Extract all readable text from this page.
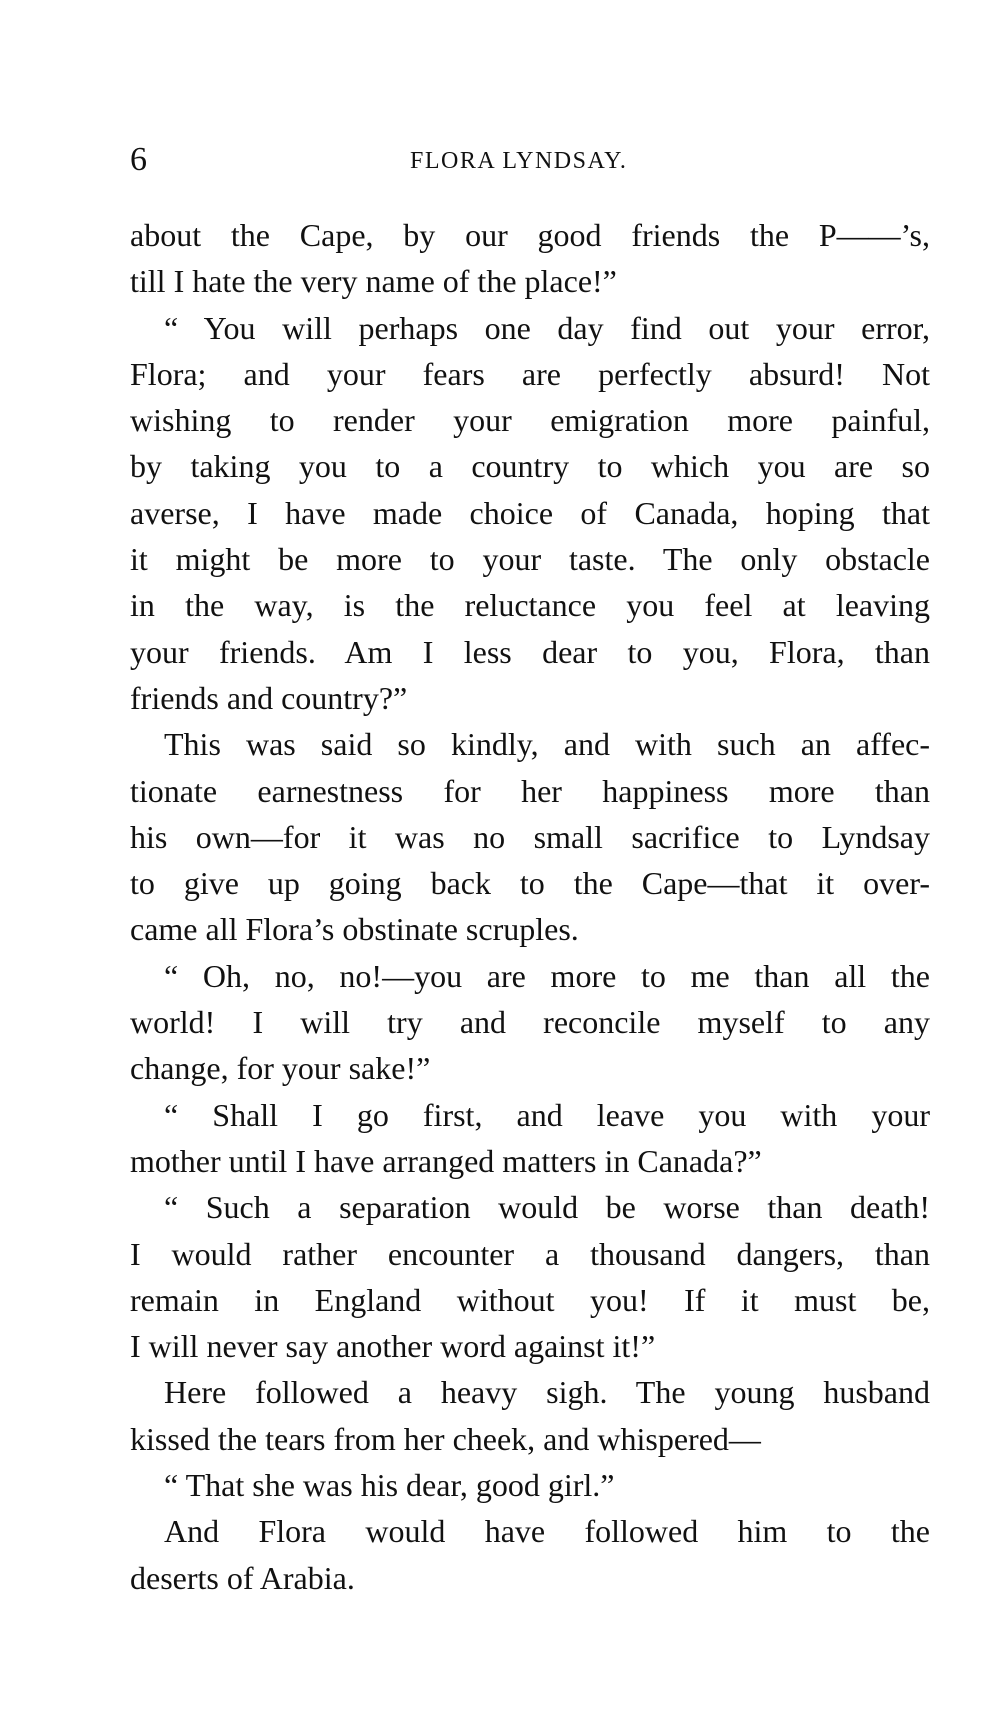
6	FLORA LYNDSAY.
about the Cape, by our good friends the P——’s,
till I hate the very name of the place!”
“ You will perhaps one day find out your error,
Flora; and your fears are perfectly absurd! Not
wishing to render your emigration more painful,
by taking you to a country to which you are so
averse, I have made choice of Canada, hoping that
it might be more to your taste. The only obstacle
in the way, is the reluctance you feel at leaving
your friends. Am I less dear to you, Flora, than
friends and country?”
This was said so kindly, and with such an affec-
tionate earnestness for her happiness more than
his own—for it was no small sacrifice to Lyndsay
to give up going back to the Cape—that it over-
came all Flora’s obstinate scruples.
“ Oh, no, no!—you are more to me than all the
world! I will try and reconcile myself to any
change, for your sake!”
“ Shall I go first, and leave you with your
mother until I have arranged matters in Canada?”
“ Such a separation would be worse than death!
I would rather encounter a thousand dangers, than
remain in England without you! If it must be,
I will never say another word against it!”
Here followed a heavy sigh. The young husband
kissed the tears from her cheek, and whispered—
“ That she was his dear, good girl.”
And Flora would have followed him to the
deserts of Arabia.
